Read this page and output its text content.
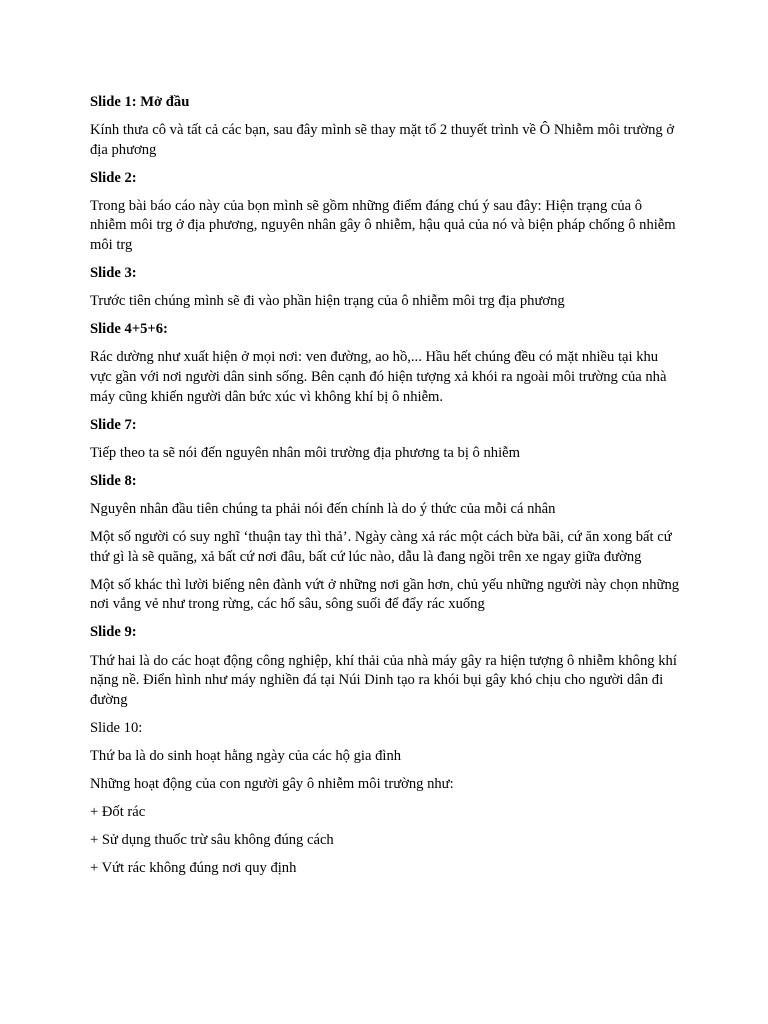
Slide 1: Mở đầu

Kính thưa cô và tất cả các bạn, sau đây mình sẽ thay mặt tổ 2 thuyết trình về Ô Nhiễm môi trường ở địa phương

Slide 2:

Trong bài báo cáo này của bọn mình sẽ gồm những điểm đáng chú ý sau đây: Hiện trạng của ô nhiễm môi trg ở địa phương, nguyên nhân gây ô nhiễm, hậu quả của nó và biện pháp chống ô nhiễm môi trg

Slide 3:

Trước tiên chúng mình sẽ đi vào phần hiện trạng của ô nhiễm môi trg địa phương

Slide 4+5+6:

Rác dường như xuất hiện ở mọi nơi: ven đường, ao hồ,... Hầu hết chúng đều có mặt nhiều tại khu vực gần với nơi người dân sinh sống. Bên cạnh đó hiện tượng xả khói ra ngoài môi trường của nhà máy cũng khiến người dân bức xúc vì không khí bị ô nhiễm.

Slide 7:

Tiếp theo ta sẽ nói đến nguyên nhân môi trường địa phương ta bị ô nhiễm

Slide 8:

Nguyên nhân đầu tiên chúng ta phải nói đến chính là do ý thức của mỗi cá nhân

Một số người có suy nghĩ ‘thuận tay thì thả’. Ngày càng xả rác một cách bừa bãi, cứ ăn xong bất cứ thứ gì là sẽ quăng, xả bất cứ nơi đâu, bất cứ lúc nào, dẫu là đang ngồi trên xe ngay giữa đường

Một số khác thì lười biếng nên đành vứt ở những nơi gần hơn, chủ yếu những người này chọn những nơi vắng vẻ như trong rừng, các hố sâu, sông suối để đẩy rác xuống

Slide 9:

Thứ hai là do các hoạt động công nghiệp, khí thải của nhà máy gây ra hiện tượng ô nhiễm không khí nặng nề. Điển hình như máy nghiền đá tại Núi Dinh tạo ra khói bụi gây khó chịu cho người dân đi đường

Slide 10:

Thứ ba là do sinh hoạt hằng ngày của các hộ gia đình

Những hoạt động của con người gây ô nhiễm môi trường như:

+ Đốt rác

+ Sử dụng thuốc trừ sâu không đúng cách

+ Vứt rác không đúng nơi quy định
